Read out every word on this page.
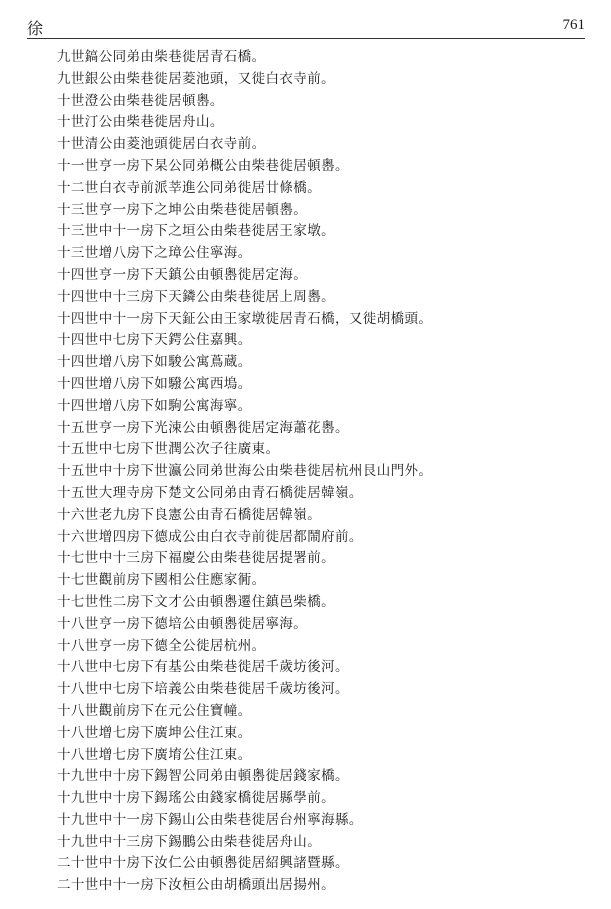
徐	761
九世鎬公同弟由柴巷徙居青石橋。
九世銀公由柴巷徙居菱池頭，又徙白衣寺前。
十世澄公由柴巷徙居頓嶴。
十世汀公由柴巷徙居舟山。
十世清公由菱池頭徙居白衣寺前。
十一世亨一房下杲公同弟概公由柴巷徙居頓嶴。
十二世白衣寺前派莘進公同弟徙居廿條橋。
十三世亨一房下之坤公由柴巷徙居頓嶴。
十三世中十一房下之垣公由柴巷徙居王家墩。
十三世增八房下之璋公住寧海。
十四世亨一房下天鎮公由頓嶴徙居定海。
十四世中十三房下天鏻公由柴巷徙居上周嶴。
十四世中十一房下天鉦公由王家墩徙居青石橋，又徙胡橋頭。
十四世中七房下天鍔公住嘉興。
十四世增八房下如駿公寓蔦蔵。
十四世增八房下如驋公寓西塢。
十四世增八房下如駒公寓海寧。
十五世亨一房下光涑公由頓嶴徙居定海蕭花嶴。
十五世中七房下世潤公次子往廣東。
十五世中十房下世瀛公同弟世海公由柴巷徙居杭州艮山門外。
十五世大理寺房下楚文公同弟由青石橋徙居韓嶺。
十六世老九房下良憲公由青石橋徙居韓嶺。
十六世增四房下德成公由白衣寺前徙居都鬧府前。
十七世中十三房下福慶公由柴巷徙居提署前。
十七世觀前房下國相公住應家衕。
十七世性二房下文才公由頓嶴遷住鎮邑柴橋。
十八世亨一房下德培公由頓嶴徙居寧海。
十八世亨一房下德全公徙居杭州。
十八世中七房下有基公由柴巷徙居千歲坊後河。
十八世中七房下培義公由柴巷徙居千歲坊後河。
十八世觀前房下在元公住寶幢。
十八世增七房下廣坤公住江東。
十八世增七房下廣堉公住江東。
十九世中十房下錫智公同弟由頓嶴徙居錢家橋。
十九世中十房下錫瑤公由錢家橋徙居縣學前。
十九世中十一房下錫山公由柴巷徙居台州寧海縣。
十九世中十三房下錫鵬公由柴巷徙居舟山。
二十世中十房下汝仁公由頓嶴徙居紹興諸暨縣。
二十世中十一房下汝桓公由胡橋頭出居揚州。
